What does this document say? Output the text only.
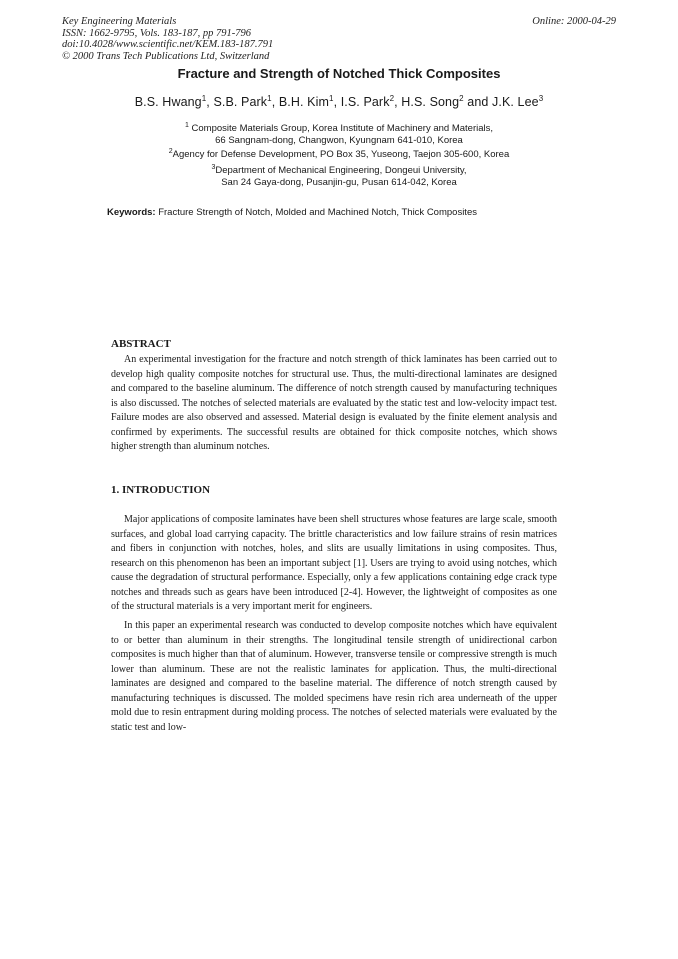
Key Engineering Materials
ISSN: 1662-9795, Vols. 183-187, pp 791-796
doi:10.4028/www.scientific.net/KEM.183-187.791
© 2000 Trans Tech Publications Ltd, Switzerland
Online: 2000-04-29
Fracture and Strength of Notched Thick Composites
B.S. Hwang$^1$, S.B. Park$^1$, B.H. Kim$^1$, I.S. Park$^2$, H.S. Song$^2$ and J.K. Lee$^3$
$^1$ Composite Materials Group, Korea Institute of Machinery and Materials,
66 Sangnam-dong, Changwon, Kyungnam 641-010, Korea
$^2$Agency for Defense Development, PO Box 35, Yuseong, Taejon 305-600, Korea
$^3$Department of Mechanical Engineering, Dongeui University,
San 24 Gaya-dong, Pusanjin-gu, Pusan 614-042, Korea
Keywords: Fracture Strength of Notch, Molded and Machined Notch, Thick Composites
ABSTRACT

An experimental investigation for the fracture and notch strength of thick laminates has been carried out to develop high quality composite notches for structural use. Thus, the multi-directional laminates are designed and compared to the baseline aluminum. The difference of notch strength caused by manufacturing techniques is also discussed. The notches of selected materials are evaluated by the static test and low-velocity impact test. Failure modes are also observed and assessed. Material design is evaluated by the finite element analysis and confirmed by experiments. The successful results are obtained for thick composite notches, which shows higher strength than aluminum notches.

1. INTRODUCTION

Major applications of composite laminates have been shell structures whose features are large scale, smooth surfaces, and global load carrying capacity. The brittle characteristics and low failure strains of resin matrices and fibers in conjunction with notches, holes, and slits are usually limitations in using composites. Thus, research on this phenomenon has been an important subject [1]. Users are trying to avoid using notches, which cause the degradation of structural performance. Especially, only a few applications containing edge crack type notches and threads such as gears have been introduced [2-4]. However, the lightweight of composites as one of the structural materials is a very important merit for engineers.

In this paper an experimental research was conducted to develop composite notches which have equivalent to or better than aluminum in their strengths. The longitudinal tensile strength of unidirectional carbon composites is much higher than that of aluminum. However, transverse tensile or compressive strength is much lower than aluminum. These are not the realistic laminates for application. Thus, the multi-directional laminates are designed and compared to the baseline material. The difference of notch strength caused by manufacturing techniques is discussed. The molded specimens have resin rich area underneath of the upper mold due to resin entrapment during molding process. The notches of selected materials were evaluated by the static test and low-
